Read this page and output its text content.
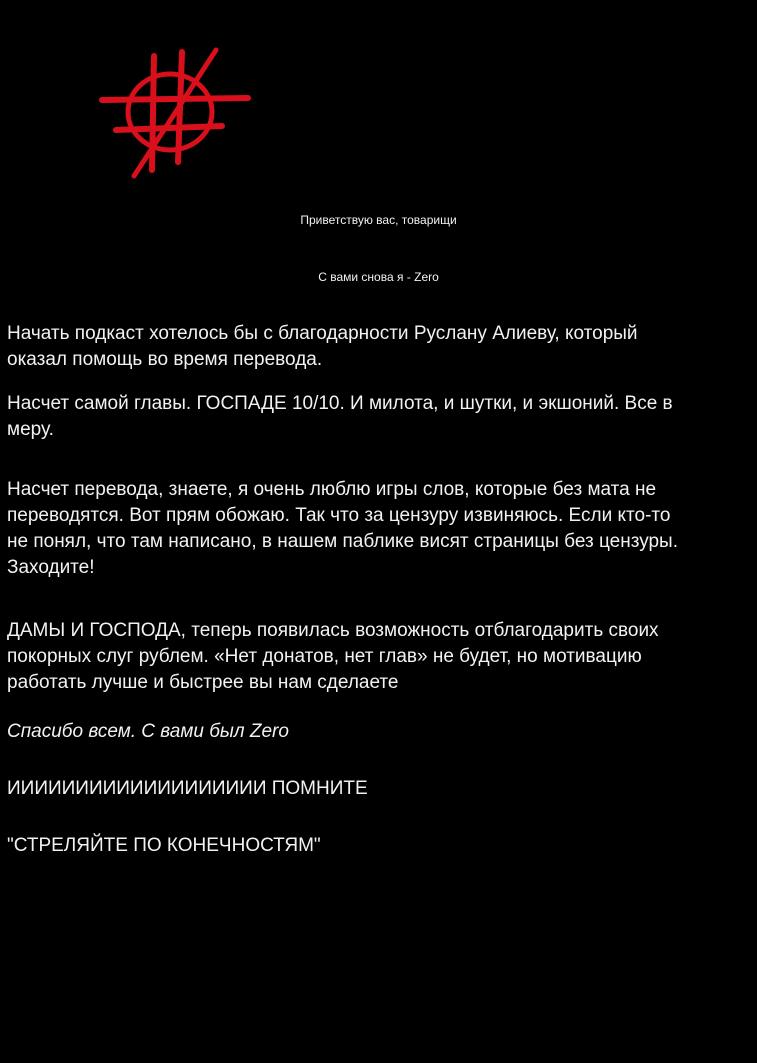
Приветствую вас, товарищи
С вами снова я - Zero

Начать подкаст хотелось бы с благодарности Руслану Алиеву, который
оказал помощь во время перевода.

Насчет самой главы. ГОСПАДЕ 10/10. И милота, и шутки, и экшоний. Все в
меру.

Насчет перевода, знаете, я очень люблю игры слов, которые без мата не
переводятся. Вот прям обожаю. Так что за цензуру извиняюсь. Если кто-то
не понял, что там написано, в нашем паблике висят страницы без цензуры.
Заходите!

ДАМЫ И ГОСПОДА, теперь появилась возможность отблагодарить своих
покорных слуг рублем. «Нет донатов, нет глав» не будет, но мотивацию
работать лучше и быстрее вы нам сделаете

Спасибо всем. С вами был Zero

ИИИИИИИИИИИИИИИИИИИ ПОМНИТЕ

"СТРЕЛЯЙТЕ ПО КОНЕЧНОСТЯМ"
